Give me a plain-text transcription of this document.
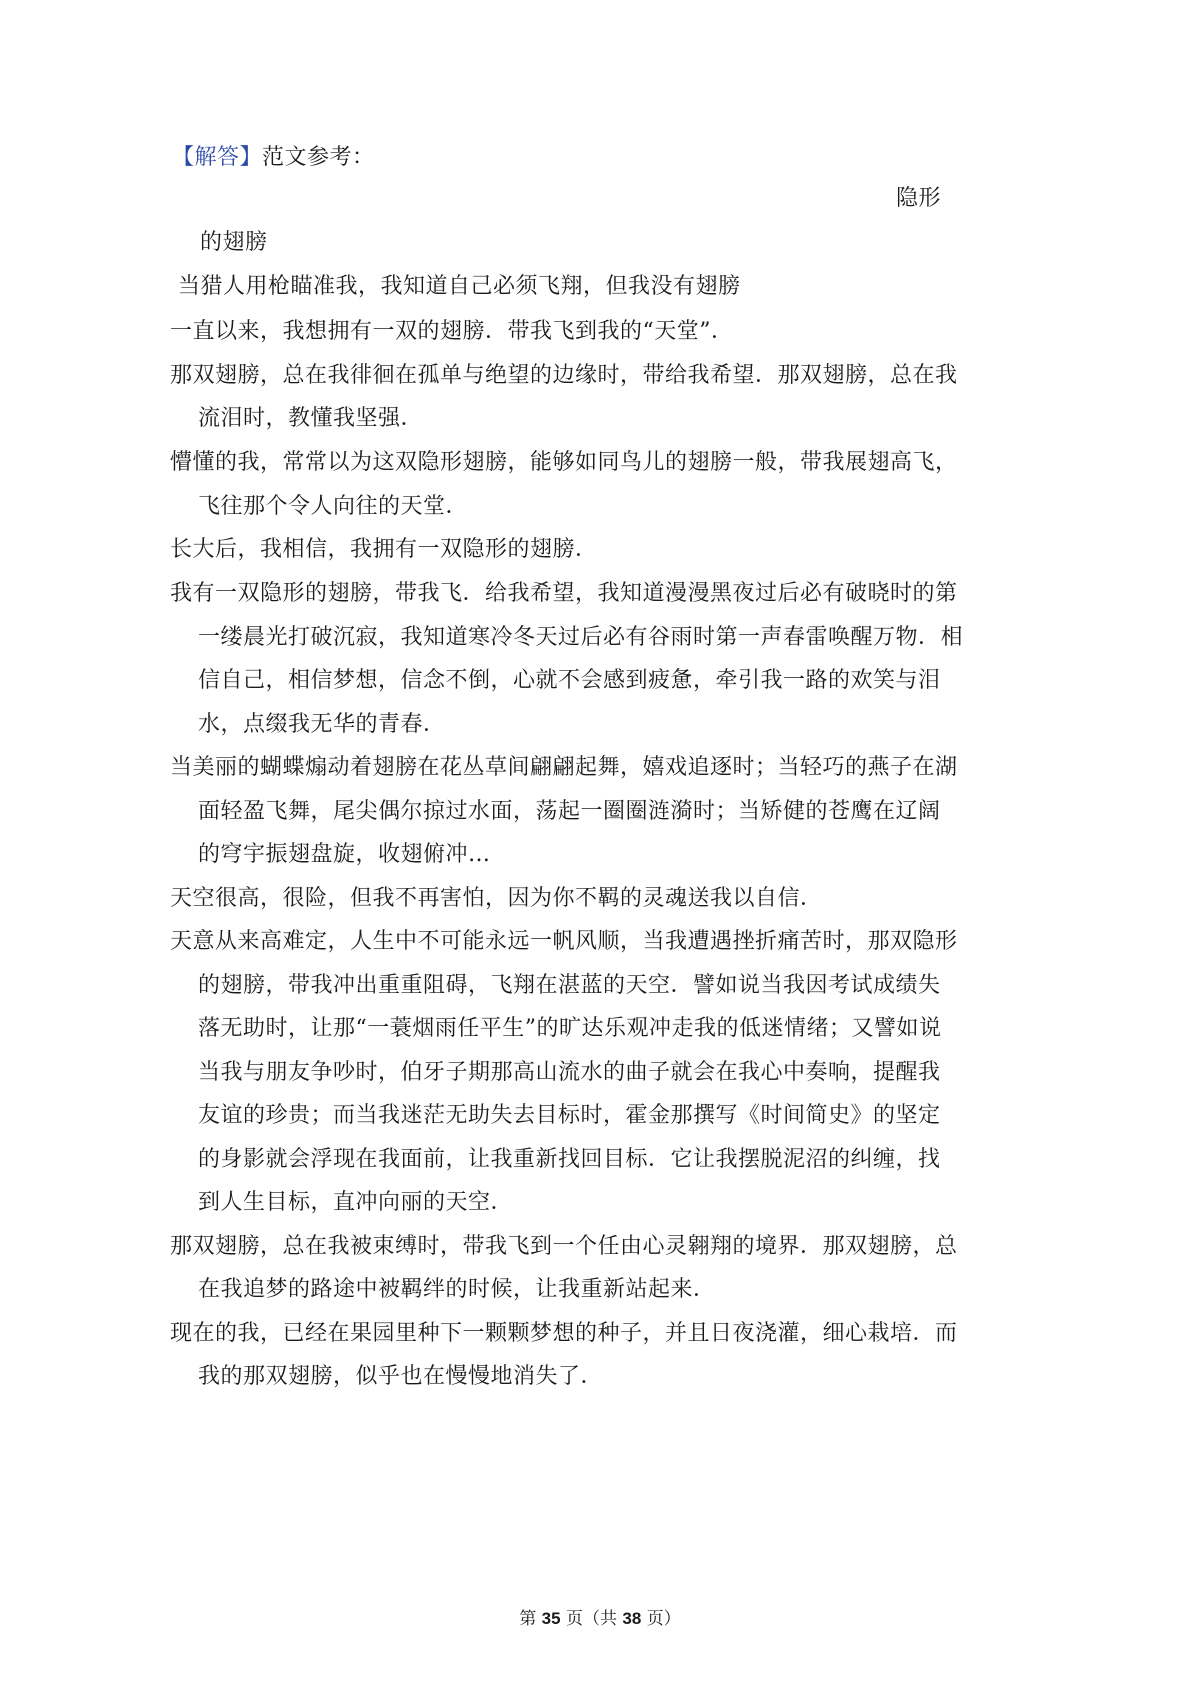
【解答】范文参考：
隐形
的翅膀
当猎人用枪瞄准我，我知道自己必须飞翔，但我没有翅膀
一直以来，我想拥有一双的翅膀．带我飞到我的“天堂”．
那双翅膀，总在我徘徊在孤单与绝望的边缘时，带给我希望．那双翅膀，总在我
流泪时，教懂我坚强．
懵懂的我，常常以为这双隐形翅膀，能够如同鸟儿的翅膀一般，带我展翅高飞，
飞往那个令人向往的天堂．
长大后，我相信，我拥有一双隐形的翅膀．
我有一双隐形的翅膀，带我飞．给我希望，我知道漫漫黑夜过后必有破晓时的第
一缕晨光打破沉寂，我知道寒冷冬天过后必有谷雨时第一声春雷唤醒万物．相
信自己，相信梦想，信念不倒，心就不会感到疲惫，牵引我一路的欢笑与泪
水，点缀我无华的青春．
当美丽的蝴蝶煽动着翅膀在花丛草间翩翩起舞，嬉戏追逐时；当轻巧的燕子在湖
面轻盈飞舞，尾尖偶尔掠过水面，荡起一圈圈涟漪时；当矫健的苍鹰在辽阔
的穹宇振翅盘旋，收翅俯冲…
天空很高，很险，但我不再害怕，因为你不羁的灵魂送我以自信．
天意从来高难定，人生中不可能永远一帆风顺，当我遭遇挫折痛苦时，那双隐形
的翅膀，带我冲出重重阻碍，飞翔在湛蓝的天空．譬如说当我因考试成绩失
落无助时，让那“一蓑烟雨任平生”的旷达乐观冲走我的低迷情绪；又譬如说
当我与朋友争吵时，伯牙子期那高山流水的曲子就会在我心中奏响，提醒我
友谊的珍贵；而当我迷茫无助失去目标时，霍金那撰写《时间简史》的坚定
的身影就会浮现在我面前，让我重新找回目标．它让我摆脱泥沼的纠缠，找
到人生目标，直冲向丽的天空．
那双翅膀，总在我被束缚时，带我飞到一个任由心灵翱翔的境界．那双翅膀，总
在我追梦的路途中被羁绊的时候，让我重新站起来．
现在的我，已经在果园里种下一颗颗梦想的种子，并且日夜浇灌，细心栽培．而
我的那双翅膀，似乎也在慢慢地消失了．
第 35 页（共 38 页）
